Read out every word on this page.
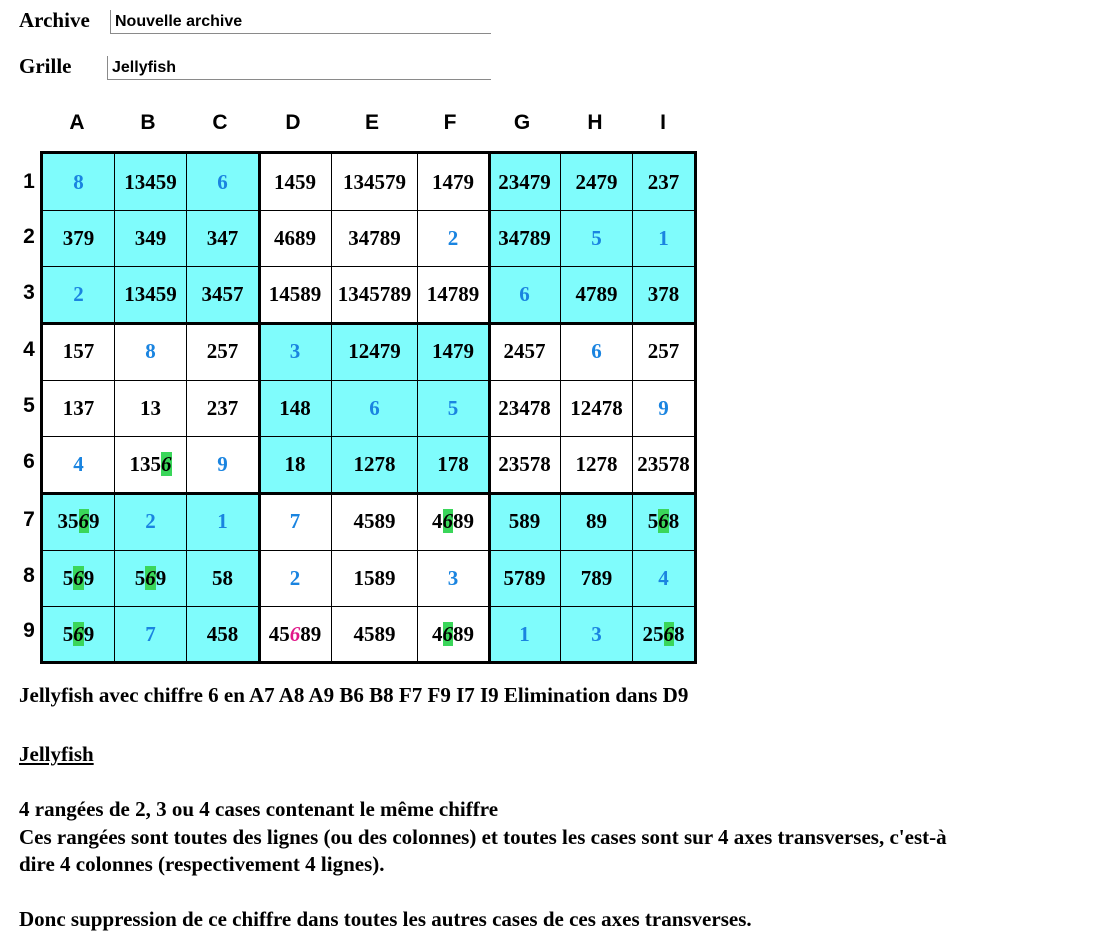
Archive
Nouvelle archive
Grille
Jellyfish
A	B	C	D	E	F	G	H	I
1
2
3
4
5
6
7
8
9
8 13459 6 1459 134579 1479 23479 2479 237
379 349 347 4689 34789 2 34789 5	1
2 13459 3457 14589 1345789 14789 6 4789 378
157 8 257 3 12479 1479 2457 6 257
137 13 237 148	6	5 23478 12478 9
4 1356 9	18 1278 178 23578 1278 23578
3569 2	1	7	4589 4689 589 89 568
569 569 58	2	1589 3 5789 789 4
569 7 458 45689 4589 4689 1	3 2568
Jellyfish avec chiffre 6 en A7 A8 A9 B6 B8 F7 F9 I7 I9 Elimination dans D9
Jellyfish
4 rangées de 2, 3 ou 4 cases contenant le même chiffre
Ces rangées sont toutes des lignes (ou des colonnes) et toutes les cases sont sur 4 axes transverses, c'est-à
dire 4 colonnes (respectivement 4 lignes).
Donc suppression de ce chiffre dans toutes les autres cases de ces axes transverses.
